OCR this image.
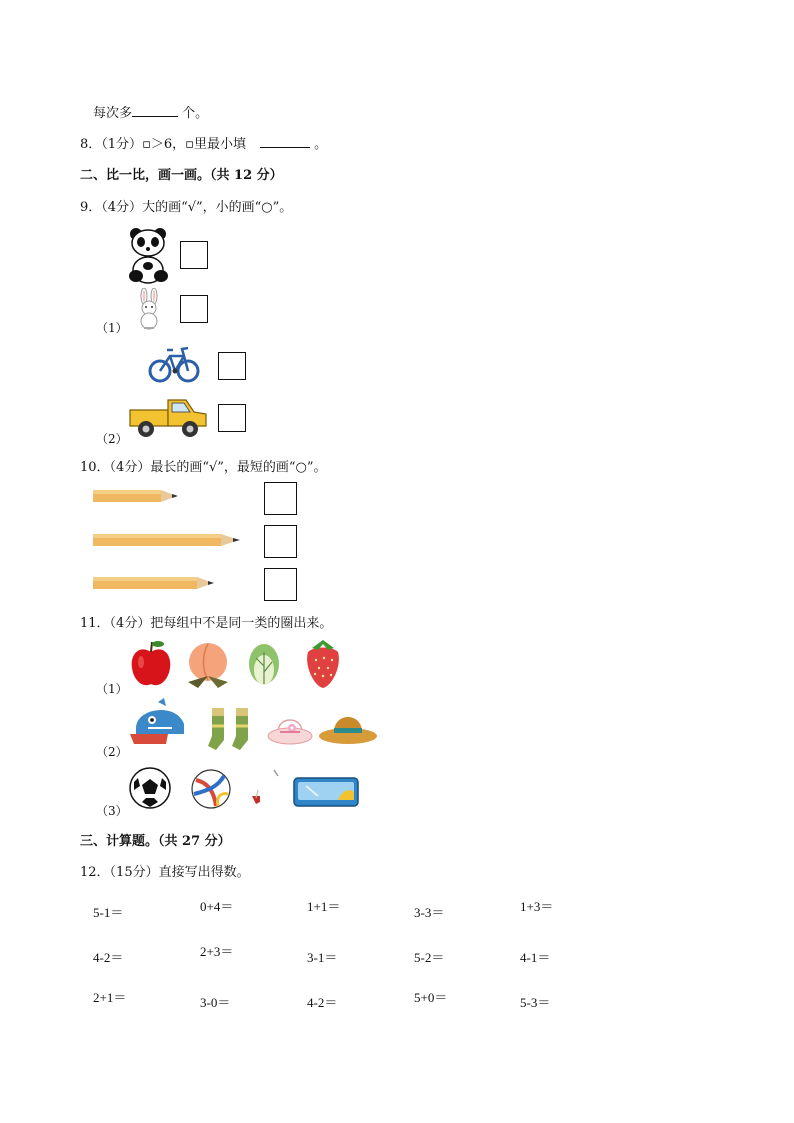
每次多	个。
8．（1分）▫＞6，▫里最小填	。
二、比一比，画一画。（共 12 分）
9．（4分）大的画“√”，小的画“○”。
（1）
（2）
10．（4分）最长的画“√”，最短的画“○”。
11．（4分）把每组中不是同一类的圈出来。
（1）
（2）
（3）
三、计算题。（共 27 分）
12．（15分）直接写出得数。
5-1＝	0+4＝	1+1＝	3-3＝	1+3＝
4-2＝	2+3＝	3-1＝	5-2＝	4-1＝
2+1＝	3-0＝	4-2＝	5+0＝	5-3＝
